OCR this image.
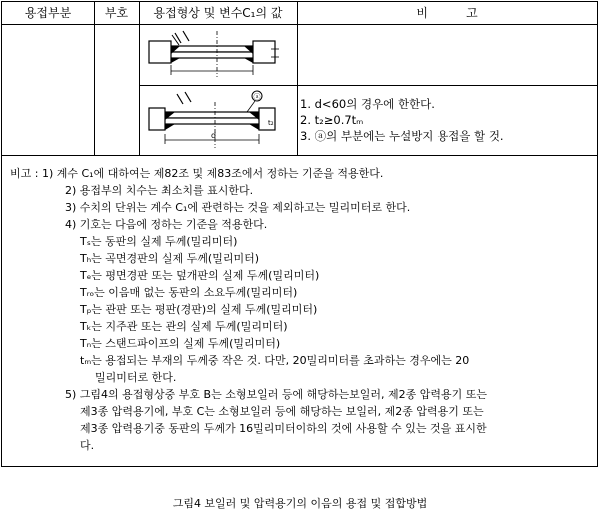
용접부분	부호	용접형상 및 변수C₁의 값	비          고
ⓐ
d
t₂
1. d<60의 경우에 한한다.
2. t₂≥0.7tₘ
3. ⓐ의 부분에는 누설방지 용접을 할 것.
비고 : 1) 계수 C₁에 대하여는 제82조 및 제83조에서 정하는 기준을 적용한다.
2) 용접부의 치수는 최소치를 표시한다.
3) 수치의 단위는 계수 C₁에 관련하는 것을 제외하고는 밀리미터로 한다.
4) 기호는 다음에 정하는 기준을 적용한다.
Tₛ는 동판의 실제 두께(밀리미터)
Tₕ는 곡면경판의 실제 두께(밀리미터)
Tₑ는 평면경판 또는 덮개판의 실제 두께(밀리미터)
Tᵣₒ는 이음매 없는 동판의 소요두께(밀리미터)
Tₚ는 관판 또는 평판(경판)의 실제 두께(밀리미터)
Tₖ는 지주관 또는 관의 실제 두께(밀리미터)
Tₙ는 스탠드파이프의 실제 두께(밀리미터)
tₘ는 용접되는 부재의 두께중 작은 것. 다만, 20밀리미터를 초과하는 경우에는 20
밀리미터로 한다.
5) 그림4의 용접형상중 부호 B는 소형보일러 등에 해당하는보일러, 제2종 압력용기 또는
제3종 압력용기에, 부호 C는 소형보일러 등에 해당하는 보일러, 제2종 압력용기 또는
제3종 압력용기중 동판의 두께가 16밀리미터이하의 것에 사용할 수 있는 것을 표시한
다.
그림4 보일러 및 압력용기의 이음의 용접 및 접합방법
